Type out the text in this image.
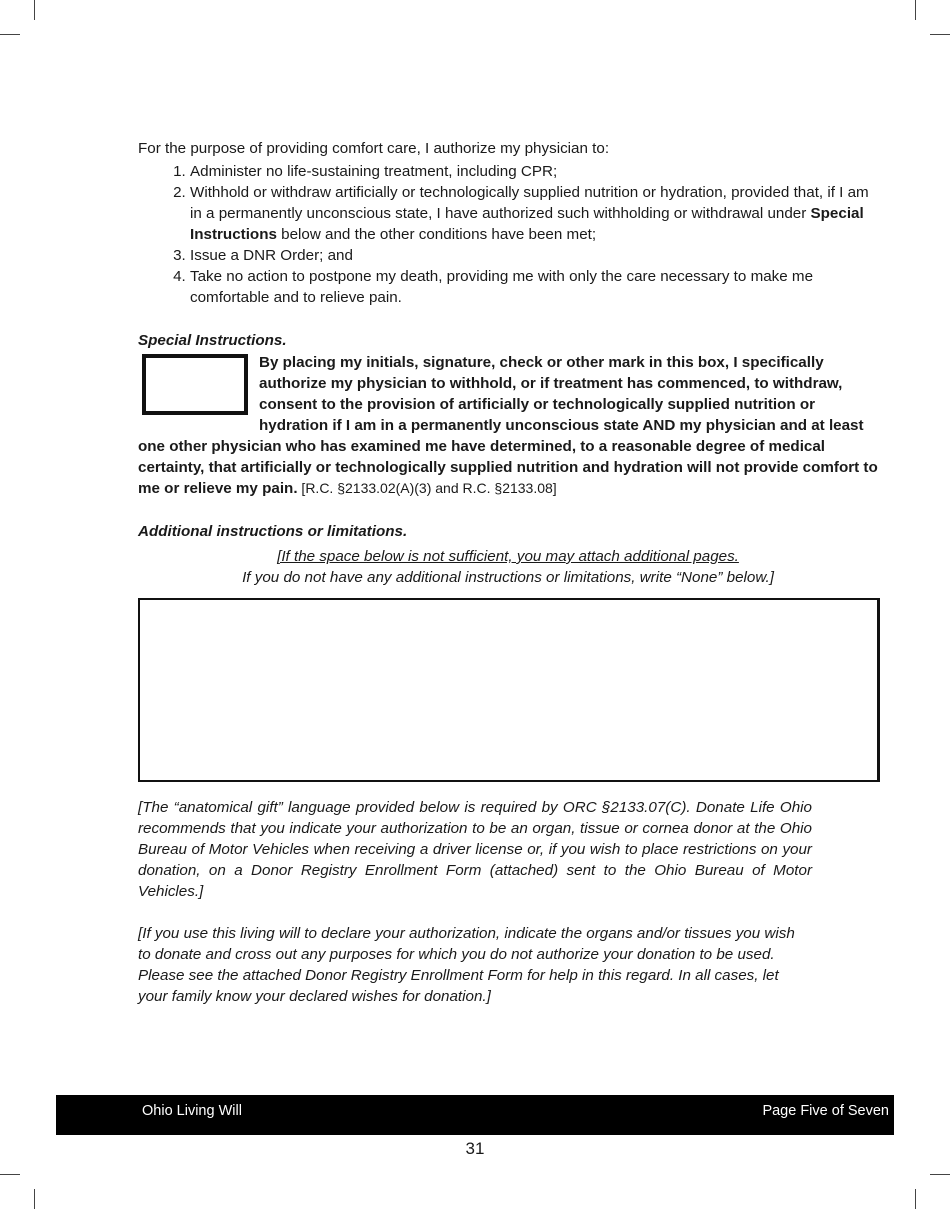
For the purpose of providing comfort care, I authorize my physician to:

1. Administer no life-sustaining treatment, including CPR;
2. Withhold or withdraw artificially or technologically supplied nutrition or hydration, provided that, if I am in a permanently unconscious state, I have authorized such withholding or withdrawal under Special Instructions below and the other conditions have been met;
3. Issue a DNR Order; and
4. Take no action to postpone my death, providing me with only the care necessary to make me comfortable and to relieve pain.
Special Instructions.
By placing my initials, signature, check or other mark in this box, I specifically authorize my physician to withhold, or if treatment has commenced, to withdraw, consent to the provision of artificially or technologically supplied nutrition or hydration if I am in a permanently unconscious state AND my physician and at least one other physician who has examined me have determined, to a reasonable degree of medical certainty, that artificially or technologically supplied nutrition and hydration will not provide comfort to me or relieve my pain. [R.C. §2133.02(A)(3) and R.C. §2133.08]
Additional instructions or limitations.
[If the space below is not sufficient, you may attach additional pages.
If you do not have any additional instructions or limitations, write “None” below.]
[The “anatomical gift” language provided below is required by ORC §2133.07(C). Donate Life Ohio recommends that you indicate your authorization to be an organ, tissue or cornea donor at the Ohio Bureau of Motor Vehicles when receiving a driver license or, if you wish to place restrictions on your donation, on a Donor Registry Enrollment Form (attached) sent to the Ohio Bureau of Motor Vehicles.]
[If you use this living will to declare your authorization, indicate the organs and/or tissues you wish to donate and cross out any purposes for which you do not authorize your donation to be used. Please see the attached Donor Registry Enrollment Form for help in this regard. In all cases, let your family know your declared wishes for donation.]
Ohio Living Will	Page Five of Seven
31
